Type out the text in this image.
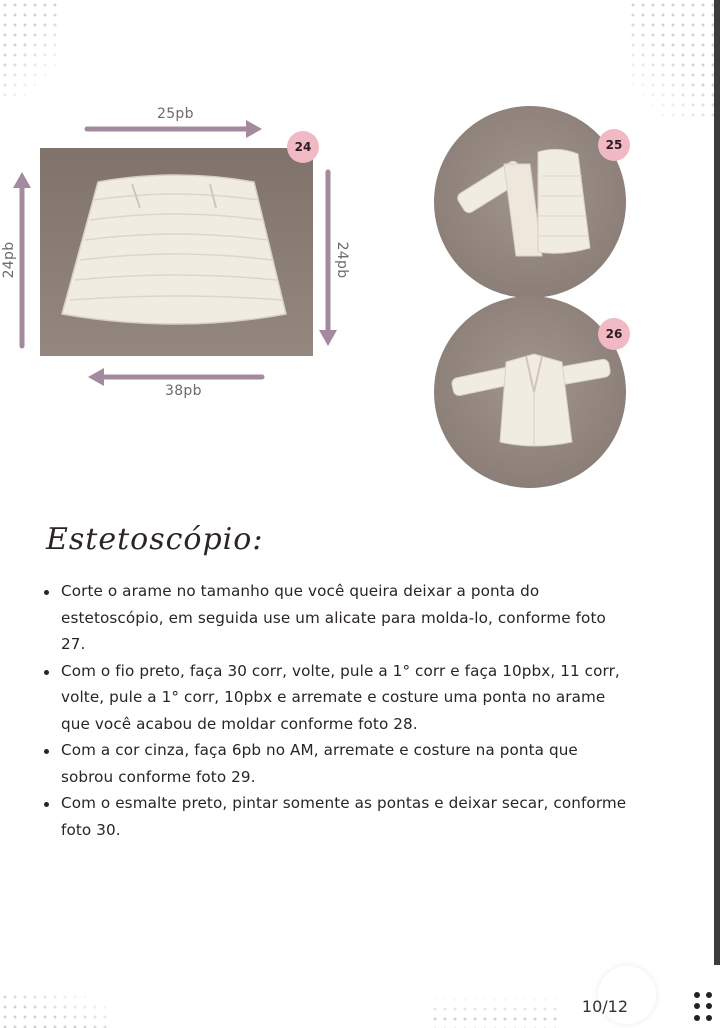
25pb
24pb	24pb
38pb
24	25
26
Estetoscópio:
Corte o arame no tamanho que você queira deixar a ponta do estetoscópio, em seguida use um alicate para molda-lo, conforme foto 27.
Com o fio preto, faça 30 corr, volte, pule a 1° corr e faça 10pbx, 11 corr, volte, pule a 1° corr, 10pbx e arremate e costure uma ponta no arame que você acabou de moldar conforme foto 28.
Com a cor cinza, faça 6pb no AM, arremate e costure na ponta que sobrou conforme foto 29.
Com o esmalte preto, pintar somente as pontas e deixar secar, conforme foto 30.
10/12
